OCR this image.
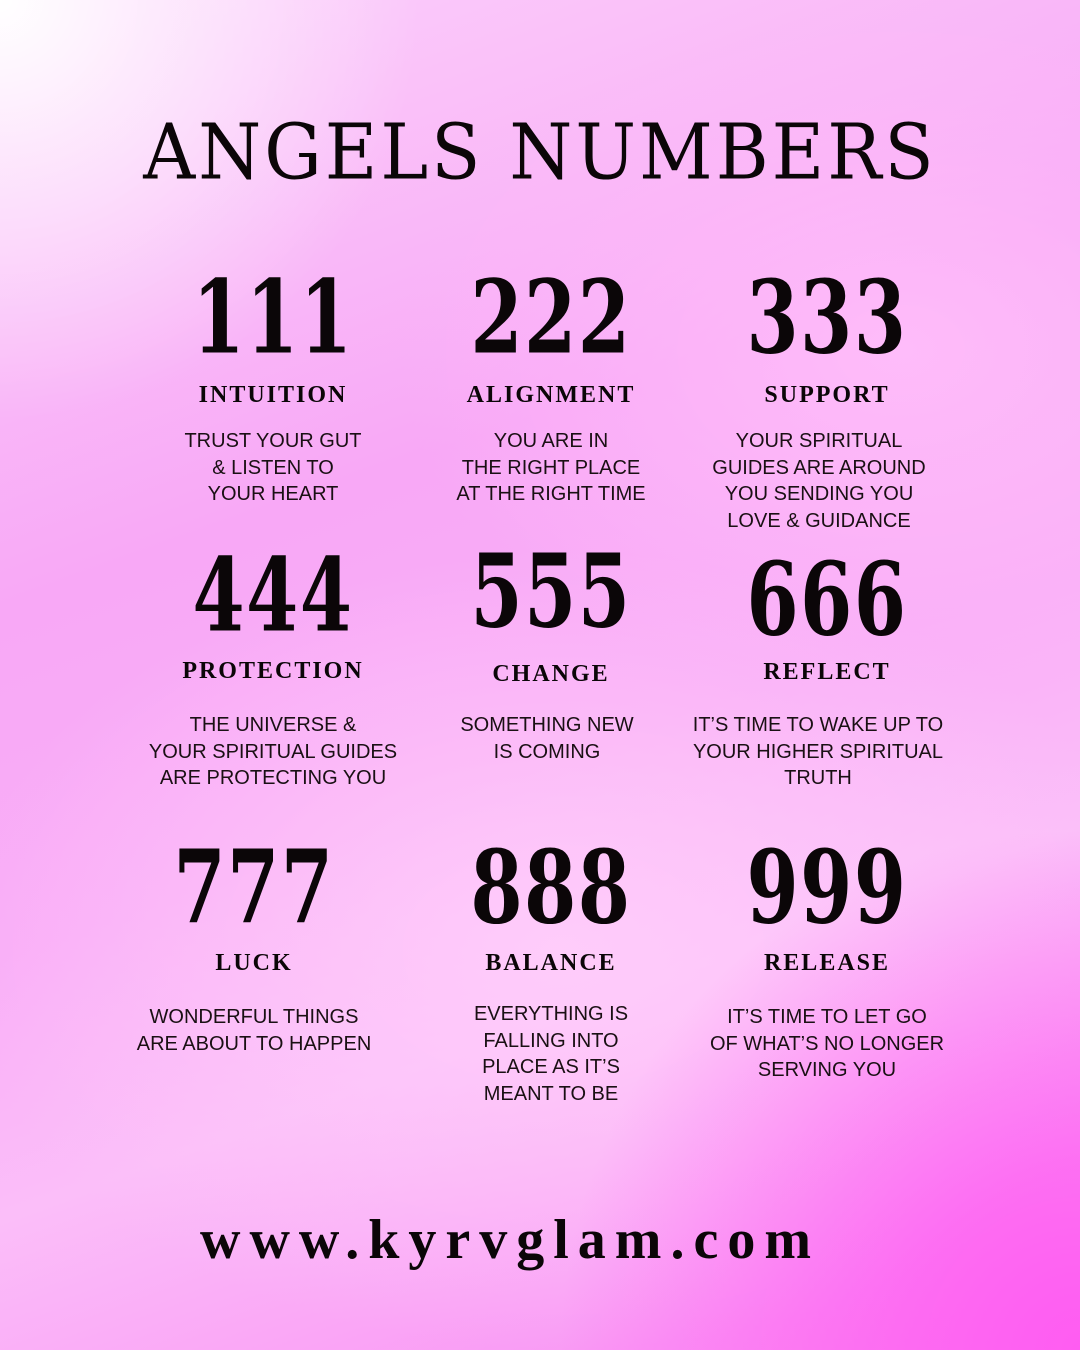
ANGELS NUMBERS
111
INTUITION
TRUST YOUR GUT
& LISTEN TO
YOUR HEART
222
ALIGNMENT
YOU ARE IN
THE RIGHT PLACE
AT THE RIGHT TIME
333
SUPPORT
YOUR SPIRITUAL
GUIDES ARE AROUND
YOU SENDING YOU
LOVE & GUIDANCE
444
PROTECTION
THE UNIVERSE &
YOUR SPIRITUAL GUIDES
ARE PROTECTING YOU
555
CHANGE
SOMETHING NEW
IS COMING
666
REFLECT
IT’S TIME TO WAKE UP TO
YOUR HIGHER SPIRITUAL
TRUTH
777
LUCK
WONDERFUL THINGS
ARE ABOUT TO HAPPEN
888
BALANCE
EVERYTHING IS
FALLING INTO
PLACE AS IT’S
MEANT TO BE
999
RELEASE
IT’S TIME TO LET GO
OF WHAT’S NO LONGER
SERVING YOU
www.kyrvglam.com
